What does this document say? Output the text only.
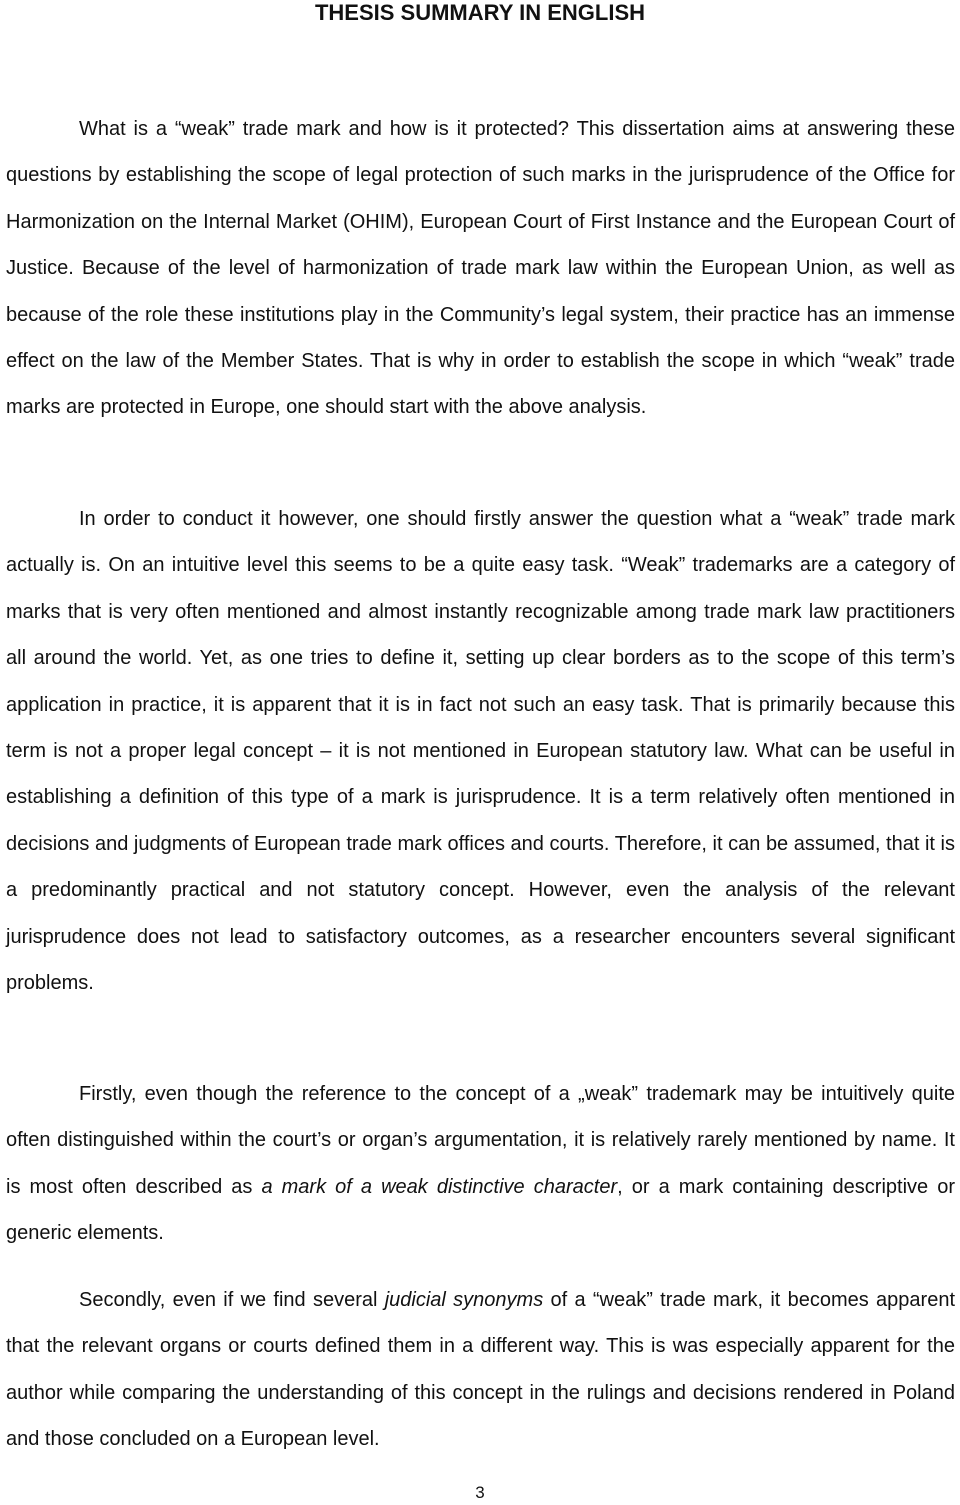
THESIS SUMMARY IN ENGLISH

What is a “weak” trade mark and how is it protected? This dissertation aims at answering these questions by establishing the scope of legal protection of such marks in the jurisprudence of the Office for Harmonization on the Internal Market (OHIM), European Court of First Instance and the European Court of Justice. Because of the level of harmonization of trade mark law within the European Union, as well as because of the role these institutions play in the Community’s legal system, their practice has an immense effect on the law of the Member States. That is why in order to establish the scope in which “weak” trade marks are protected in Europe, one should start with the above analysis.

In order to conduct it however, one should firstly answer the question what a “weak” trade mark actually is. On an intuitive level this seems to be a quite easy task. “Weak” trademarks are a category of marks that is very often mentioned and almost instantly recognizable among trade mark law practitioners all around the world. Yet, as one tries to define it, setting up clear borders as to the scope of this term’s application in practice, it is apparent that it is in fact not such an easy task. That is primarily because this term is not a proper legal concept – it is not mentioned in European statutory law. What can be useful in establishing a definition of this type of a mark is jurisprudence. It is a term relatively often mentioned in decisions and judgments of European trade mark offices and courts. Therefore, it can be assumed, that it is a predominantly practical and not statutory concept. However, even the analysis of the relevant jurisprudence does not lead to satisfactory outcomes, as a researcher encounters several significant problems.

Firstly, even though the reference to the concept of a „weak” trademark may be intuitively quite often distinguished within the court’s or organ’s argumentation, it is relatively rarely mentioned by name. It is most often described as a mark of a weak distinctive character, or a mark containing descriptive or generic elements.

Secondly, even if we find several judicial synonyms of a “weak” trade mark, it becomes apparent that the relevant organs or courts defined them in a different way. This is was especially apparent for the author while comparing the understanding of this concept in the rulings and decisions rendered in Poland and those concluded on a European level.

3
